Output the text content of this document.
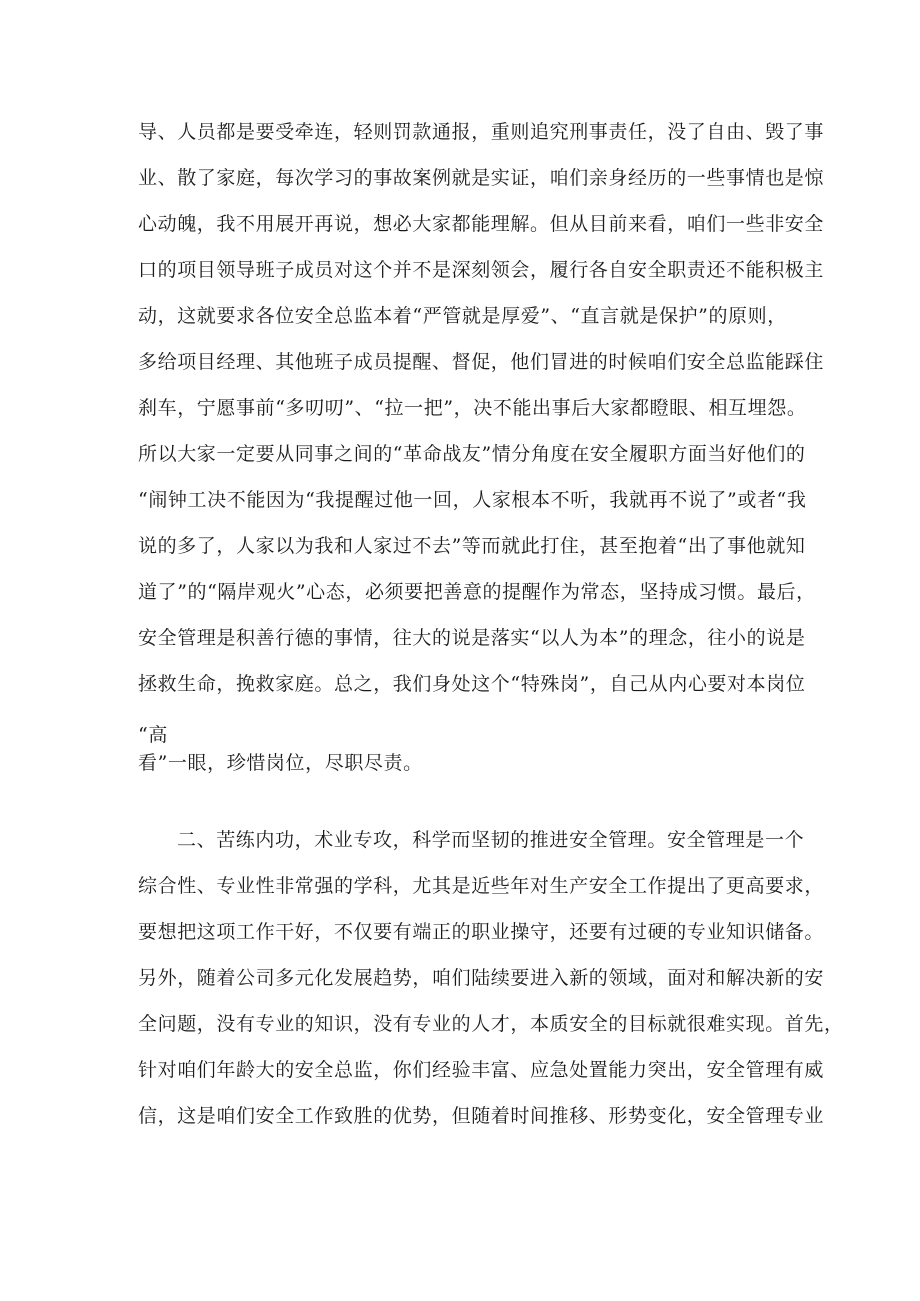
导、人员都是要受牵连，轻则罚款通报，重则追究刑事责任，没了自由、毁了事
业、散了家庭，每次学习的事故案例就是实证，咱们亲身经历的一些事情也是惊
心动魄，我不用展开再说，想必大家都能理解。但从目前来看，咱们一些非安全
口的项目领导班子成员对这个并不是深刻领会，履行各自安全职责还不能积极主
动，这就要求各位安全总监本着“严管就是厚爱”、“直言就是保护”的原则，
多给项目经理、其他班子成员提醒、督促，他们冒进的时候咱们安全总监能踩住
刹车，宁愿事前“多叨叨”、“拉一把”，决不能出事后大家都瞪眼、相互埋怨。
所以大家一定要从同事之间的“革命战友”情分角度在安全履职方面当好他们的
“闹钟工决不能因为“我提醒过他一回，人家根本不听，我就再不说了”或者“我
说的多了，人家以为我和人家过不去”等而就此打住，甚至抱着“出了事他就知
道了”的“隔岸观火”心态，必须要把善意的提醒作为常态，坚持成习惯。最后，
安全管理是积善行德的事情，往大的说是落实“以人为本”的理念，往小的说是
拯救生命，挽救家庭。总之，我们身处这个“特殊岗”，自己从内心要对本岗位
“高
看”一眼，珍惜岗位，尽职尽责。
二、苦练内功，术业专攻，科学而坚韧的推进安全管理。安全管理是一个
综合性、专业性非常强的学科，尤其是近些年对生产安全工作提出了更高要求，
要想把这项工作干好，不仅要有端正的职业操守，还要有过硬的专业知识储备。
另外，随着公司多元化发展趋势，咱们陆续要进入新的领域，面对和解决新的安
全问题，没有专业的知识，没有专业的人才，本质安全的目标就很难实现。首先，
针对咱们年龄大的安全总监，你们经验丰富、应急处置能力突出，安全管理有威
信，这是咱们安全工作致胜的优势，但随着时间推移、形势变化，安全管理专业
